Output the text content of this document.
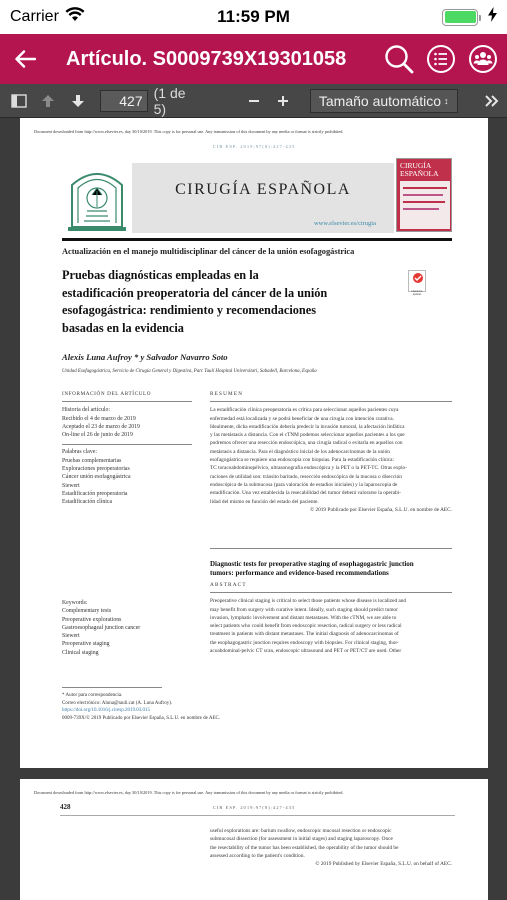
Carrier	11:59 PM
Artículo. S0009739X19301058
427 (1 de 5)	Tamaño automático ↕
Document downloaded from http://www.elsevier.es, day 30/10/2019. This copy is for personal use. Any transmission of this document by any media or format is strictly prohibited.
CIR ESP. 2019;97(8):427-435
CIRUGÍA ESPAÑOLA
www.elsevier.es/cirugia
CIRUGÍA ESPAÑOLA
Actualización en el manejo multidisciplinar del cáncer de la unión esofagogástrica
Pruebas diagnósticas empleadas en la
estadificación preoperatoria del cáncer de la unión
esofagogástrica: rendimiento y recomendaciones
basadas en la evidencia
Check for updates
Alexis Luna Aufroy * y Salvador Navarro Soto
Unidad Esofagogástrica, Servicio de Cirugía General y Digestiva, Parc Taulí Hospital Universitari, Sabadell, Barcelona, España
INFORMACIÓN DEL ARTÍCULO
Historia del artículo:
Recibido el 4 de marzo de 2019
Aceptado el 23 de marzo de 2019
On-line el 26 de junio de 2019
Palabras clave:
Pruebas complementarias
Exploraciones preoperatorias
Cáncer unión esofagogástrica
Siewert
Estadificación preoperatoria
Estadificación clínica
RESUMEN
La estadificación clínica preoperatoria es crítica para seleccionar aquellos pacientes cuya
enfermedad está localizada y se podrá beneficiar de una cirugía con intención curativa.
Idealmente, dicha estadificación debería predecir la invasión tumoral, la afectación linfática
y las metástasis a distancia. Con el cTNM podemos seleccionar aquellos pacientes a los que
podremos ofrecer una resección endoscópica, una cirugía radical o evitarla en aquellos con
metástasis a distancia. Para el diagnóstico inicial de los adenocarcinomas de la unión
esofagogástrica se requiere una endoscopia con biopsias. Para la estadificación clínica:
TC toracoabdominopélvico, ultrasonografía endoscópica y la PET o la PET-TC. Otras explo-
raciones de utilidad son: tránsito baritado, resección endoscópica de la mucosa o disección
endoscópica de la submucosa (para valoración de estadios iniciales) y la laparoscopia de
estadificación. Una vez establecida la resecabilidad del tumor deberá valorarse la operabi-
lidad del mismo en función del estado del paciente.
© 2019 Publicado por Elsevier España, S.L.U. en nombre de AEC.
Diagnostic tests for preoperative staging of esophagogastric junction
tumors: performance and evidence-based recommendations
Keywords:
Complementary tests
Preoperative explorations
Gastroesophageal junction cancer
Siewert
Preoperative staging
Clinical staging
ABSTRACT
Preoperative clinical staging is critical to select those patients whose disease is localized and
may benefit from surgery with curative intent. Ideally, such staging should predict tumor
invasion, lymphatic involvement and distant metastases. With the cTNM, we are able to
select patients who could benefit from endoscopic resection, radical surgery or less radical
treatment in patients with distant metastases. The initial diagnosis of adenocarcinomas of
the esophagogastric junction requires endoscopy with biopsies. For clinical staging, thor-
acoabdominal-pelvic CT scan, endoscopic ultrasound and PET or PET/CT are used. Other
* Autor para correspondencia.
Correo electrónico: Aluna@tauli.cat (A. Luna Aufroy).
https://doi.org/10.1016/j.ciresp.2019.03.015
0009-739X/© 2019 Publicado por Elsevier España, S.L.U. en nombre de AEC.
Document downloaded from http://www.elsevier.es, day 30/10/2019. This copy is for personal use. Any transmission of this document by any media or format is strictly prohibited.
428	CIR ESP. 2019;97(8):427-435
useful explorations are: barium swallow, endoscopic mucosal resection or endoscopic
submucosal dissection (for assessment in initial stages) and staging laparoscopy. Once
the resectability of the tumor has been established, the operability of the tumor should be
assessed according to the patient's condition.
© 2019 Published by Elsevier España, S.L.U. on behalf of AEC.
